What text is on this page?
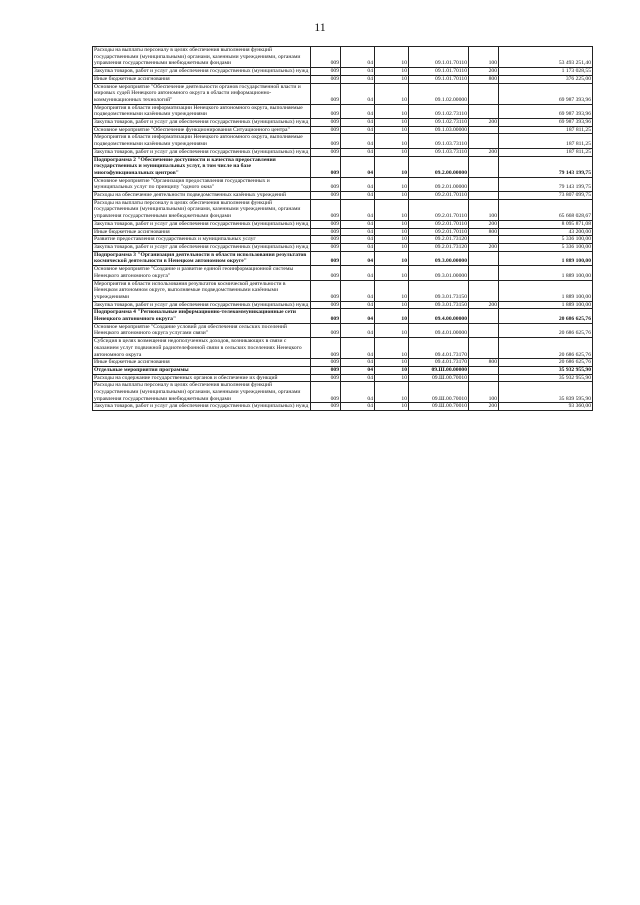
11
Расходы на выплаты персоналу в целях обеспечения выполнения функций государственными (муниципальными) органами, казенными учреждениями, органами управления государственными внебюджетными фондами	009	04	10	09.1.01.70110	100	53 493 251,40
Закупка товаров, работ и услуг для обеспечения государственных (муниципальных) нужд	009	04	10	09.1.01.70110	200	1 173 028,55
Иные бюджетные ассигнования	009	04	10	09.1.01.70110	800	376 225,00
Основное мероприятие "Обеспечение деятельности органов государственной власти и мировых судей Ненецкого автономного округа в области информационно-коммуникационных технологий"	009	04	10	09.1.02.00000		69 987 393,96
Мероприятия в области информатизации Ненецкого автономного округа, выполняемые подведомственными казёнными учреждениями	009	04	10	09.1.02.73110		69 987 393,96
Закупка товаров, работ и услуг для обеспечения государственных (муниципальных) нужд	009	04	10	09.1.02.73110	200	69 987 393,96
Основное мероприятие "Обеспечение функционирования Ситуационного центра"	009	04	10	09.1.03.00000		187 811,25
Мероприятия в области информатизации Ненецкого автономного округа, выполняемые подведомственными казёнными учреждениями	009	04	10	09.1.03.73110		187 811,25
Закупка товаров, работ и услуг для обеспечения государственных (муниципальных) нужд	009	04	10	09.1.03.73110	200	187 811,25
Подпрограмма 2 "Обеспечение доступности и качества предоставления государственных и муниципальных услуг, в том числе на базе многофункциональных центров"	009	04	10	09.2.00.00000		79 143 199,75
Основное мероприятие "Организация предоставления государственных и муниципальных услуг по принципу "одного окна"	009	04	10	09.2.01.00000		79 143 199,75
Расходы на обеспечение деятельности подведомственных казённых учреждений	009	04	10	09.2.01.70110		73 807 099,75
Расходы на выплаты персоналу в целях обеспечения выполнения функций государственными (муниципальными) органами, казенными учреждениями, органами управления государственными внебюджетными фондами	009	04	10	09.2.01.70110	100	65 668 028,67
Закупка товаров, работ и услуг для обеспечения государственных (муниципальных) нужд	009	04	10	09.2.01.70110	200	8 095 871,08
Иные бюджетные ассигнования	009	04	10	09.2.01.70110	800	43 200,00
Развитие предоставления государственных и муниципальных услуг	009	04	10	09.2.01.73120		5 336 100,00
Закупка товаров, работ и услуг для обеспечения государственных (муниципальных) нужд	009	04	10	09.2.01.73120	200	5 336 100,00
Подпрограмма 3 "Организация деятельности в области использования результатов космической деятельности в Ненецком автономном округе"	009	04	10	09.3.00.00000		1 889 100,00
Основное мероприятие "Создание и развитие единой геоинформационной системы Ненецкого автономного округа"	009	04	10	09.3.01.00000		1 889 100,00
Мероприятия в области использования результатов космической деятельности в Ненецком автономном округе, выполняемые подведомственными казёнными учреждениями	009	04	10	09.3.01.73150		1 889 100,00
Закупка товаров, работ и услуг для обеспечения государственных (муниципальных) нужд	009	04	10	09.3.01.73150	200	1 889 100,00
Подпрограмма 4 "Региональные информационно-телекоммуникационные сети Ненецкого автономного округа"	009	04	10	09.4.00.00000		20 686 625,76
Основное мероприятие "Создание условий для обеспечения сельских поселений Ненецкого автономного округа услугами связи"	009	04	10	09.4.01.00000		20 686 625,76
Субсидия в целях возмещения недополученных доходов, возникающих в связи с оказанием услуг подвижной радиотелефонной связи в сельских поселениях Ненецкого автономного округа	009	04	10	09.4.01.73170		20 686 625,76
Иные бюджетные ассигнования	009	04	10	09.4.01.73170	800	20 686 625,76
Отдельные мероприятия программы	009	04	10	09.Ш.00.00000		35 932 955,90
Расходы на содержание государственных органов и обеспечение их функций	009	04	10	09.Ш.00.70010		35 932 955,90
Расходы на выплаты персоналу в целях обеспечения выполнения функций государственными (муниципальными) органами, казенными учреждениями, органами управления государственными внебюджетными фондами	009	04	10	09.Ш.00.70010	100	35 839 595,90
Закупка товаров, работ и услуг для обеспечения государственных (муниципальных) нужд	009	04	10	09.Ш.00.70010	200	93 360,00
